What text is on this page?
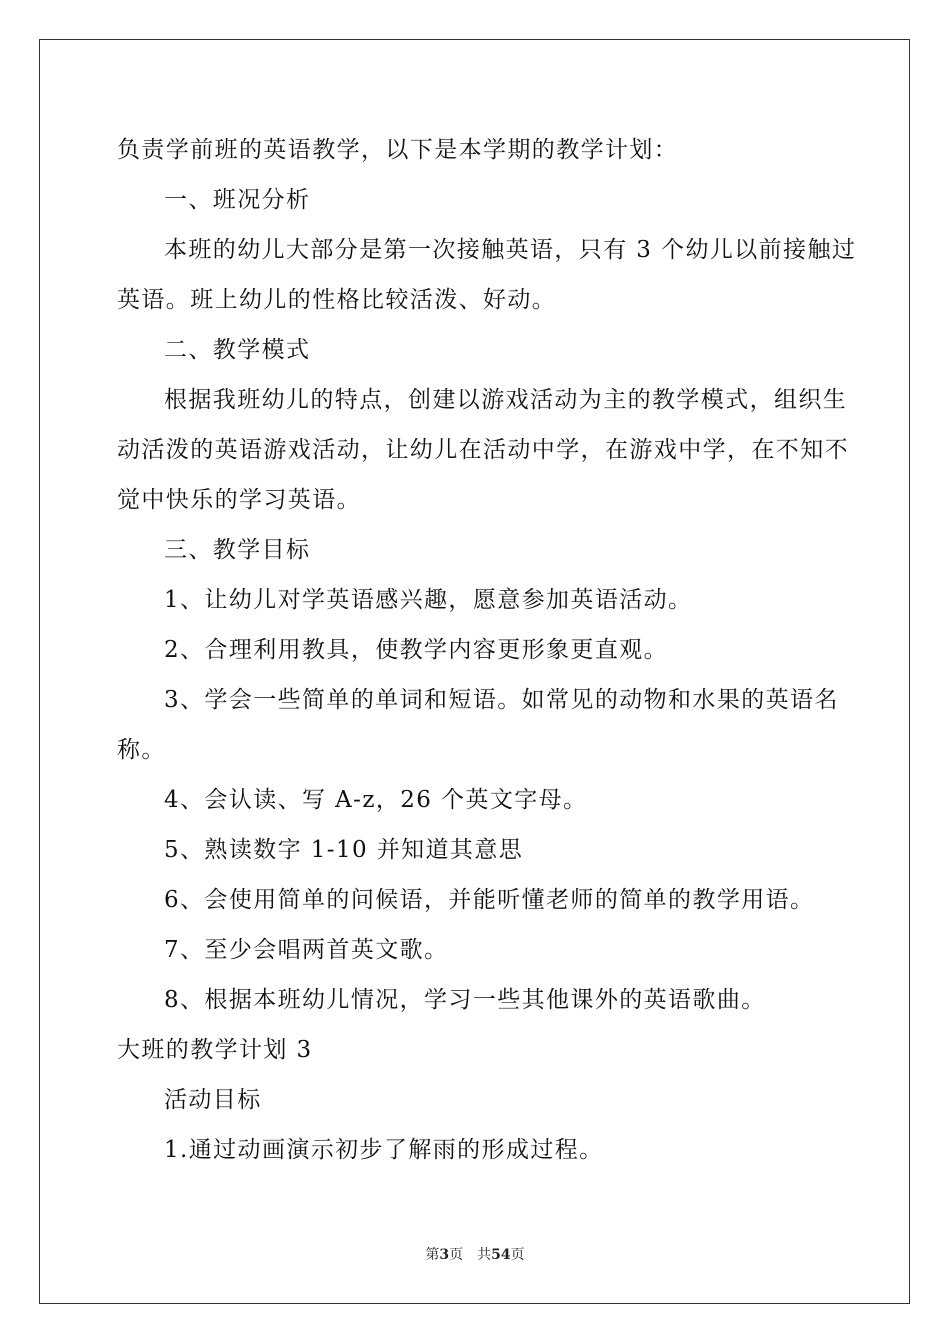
负责学前班的英语教学，以下是本学期的教学计划：
一、班况分析
本班的幼儿大部分是第一次接触英语，只有 3 个幼儿以前接触过
英语。班上幼儿的性格比较活泼、好动。
二、教学模式
根据我班幼儿的特点，创建以游戏活动为主的教学模式，组织生
动活泼的英语游戏活动，让幼儿在活动中学，在游戏中学，在不知不
觉中快乐的学习英语。
三、教学目标
1、让幼儿对学英语感兴趣，愿意参加英语活动。
2、合理利用教具，使教学内容更形象更直观。
3、学会一些简单的单词和短语。如常见的动物和水果的英语名
称。
4、会认读、写 A-z，26 个英文字母。
5、熟读数字 1-10 并知道其意思
6、会使用简单的问候语，并能听懂老师的简单的教学用语。
7、至少会唱两首英文歌。
8、根据本班幼儿情况，学习一些其他课外的英语歌曲。
大班的教学计划 3
活动目标
1.通过动画演示初步了解雨的形成过程。
第3页 共54页
